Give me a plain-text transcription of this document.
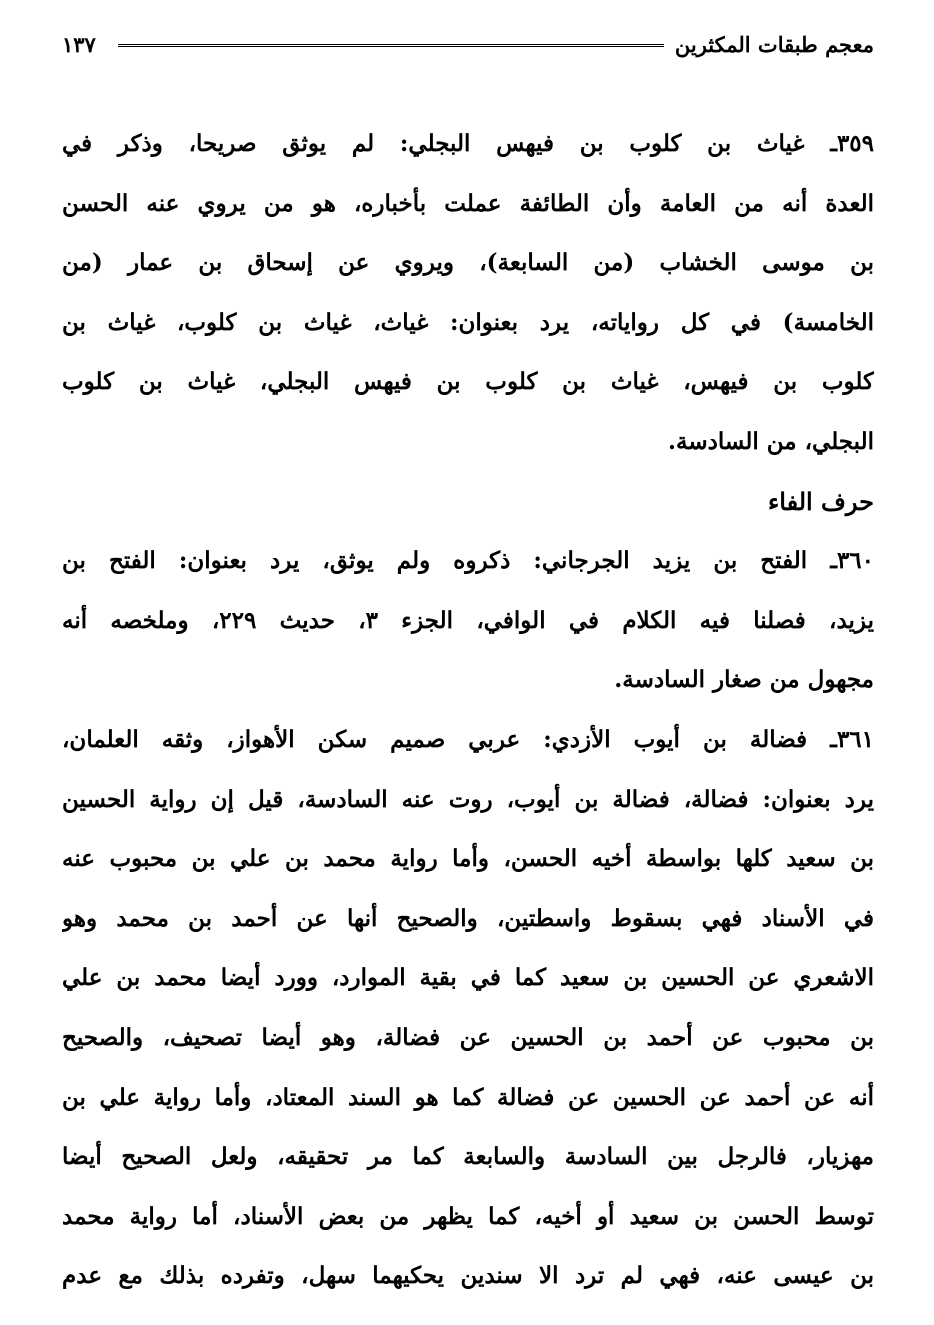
معجم طبقات المكثرين
١٣٧
٣٥٩ـ غياث بن كلوب بن فيهس البجلي: لم يوثق صريحا، وذكر في
العدة أنه من العامة وأن الطائفة عملت بأخباره، هو من يروي عنه الحسن
بن موسى الخشاب (من السابعة)، ويروي عن إسحاق بن عمار (من
الخامسة) في كل رواياته، يرد بعنوان: غياث، غياث بن كلوب، غياث بن
كلوب بن فيهس، غياث بن كلوب بن فيهس البجلي، غياث بن كلوب
البجلي، من السادسة.
حرف الفاء
٣٦٠ـ الفتح بن يزيد الجرجاني: ذكروه ولم يوثق، يرد بعنوان: الفتح بن
يزيد، فصلنا فيه الكلام في الوافي، الجزء ٣، حديث ٢٢٩، وملخصه أنه
مجهول من صغار السادسة.
٣٦١ـ فضالة بن أيوب الأزدي: عربي صميم سكن الأهواز، وثقه العلمان،
يرد بعنوان: فضالة، فضالة بن أيوب، روت عنه السادسة، قيل إن رواية الحسين
بن سعيد كلها بواسطة أخيه الحسن، وأما رواية محمد بن علي بن محبوب عنه
في الأسناد فهي بسقوط واسطتين، والصحيح أنها عن أحمد بن محمد وهو
الاشعري عن الحسين بن سعيد كما في بقية الموارد، وورد أيضا محمد بن علي
بن محبوب عن أحمد بن الحسين عن فضالة، وهو أيضا تصحيف، والصحيح
أنه عن أحمد عن الحسين عن فضالة كما هو السند المعتاد، وأما رواية علي بن
مهزيار، فالرجل بين السادسة والسابعة كما مر تحقيقه، ولعل الصحيح أيضا
توسط الحسن بن سعيد أو أخيه، كما يظهر من بعض الأسناد، أما رواية محمد
بن عيسى عنه، فهي لم ترد الا سندين يحكيهما سهل، وتفرده بذلك مع عدم
